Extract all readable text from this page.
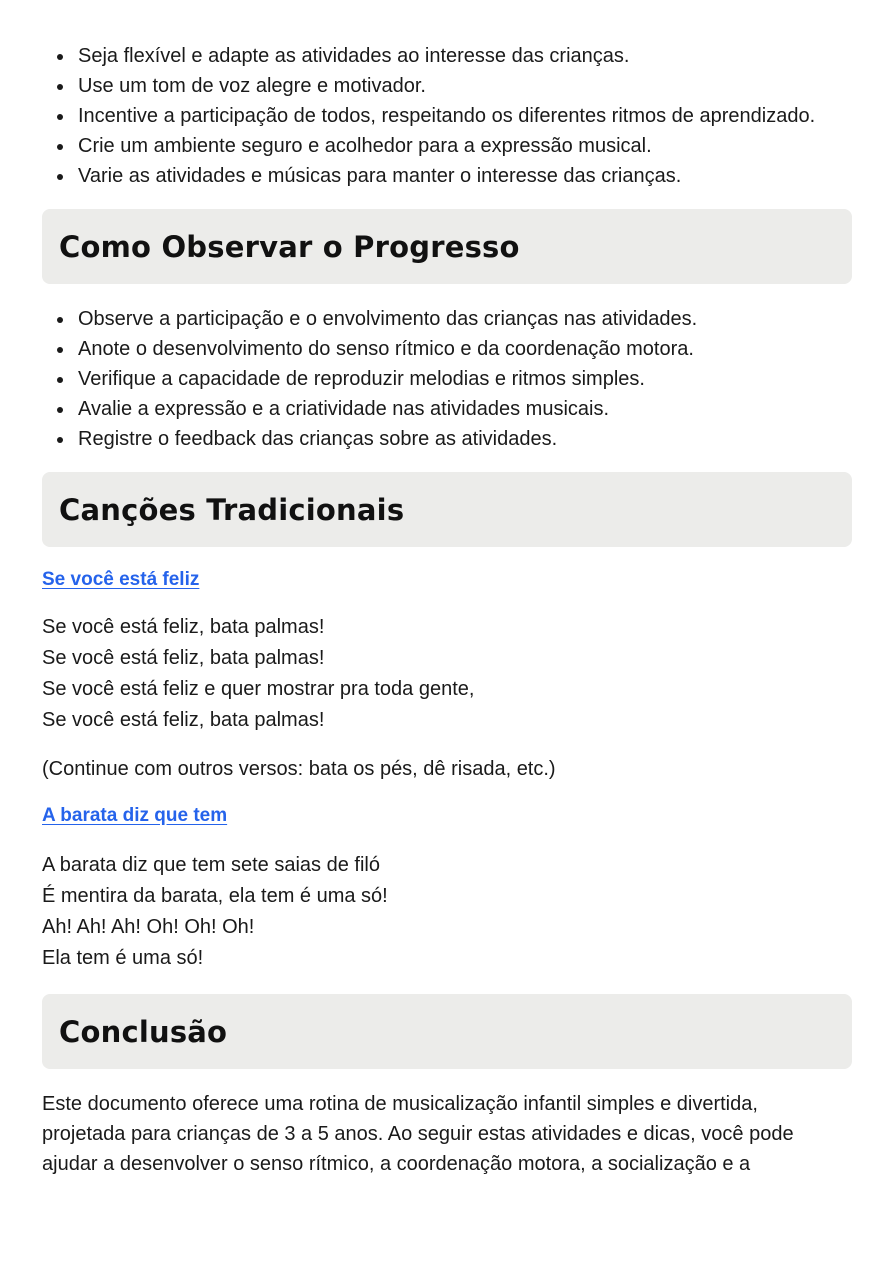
Seja flexível e adapte as atividades ao interesse das crianças.
Use um tom de voz alegre e motivador.
Incentive a participação de todos, respeitando os diferentes ritmos de aprendizado.
Crie um ambiente seguro e acolhedor para a expressão musical.
Varie as atividades e músicas para manter o interesse das crianças.
Como Observar o Progresso
Observe a participação e o envolvimento das crianças nas atividades.
Anote o desenvolvimento do senso rítmico e da coordenação motora.
Verifique a capacidade de reproduzir melodias e ritmos simples.
Avalie a expressão e a criatividade nas atividades musicais.
Registre o feedback das crianças sobre as atividades.
Canções Tradicionais
Se você está feliz
Se você está feliz, bata palmas!
Se você está feliz, bata palmas!
Se você está feliz e quer mostrar pra toda gente,
Se você está feliz, bata palmas!
(Continue com outros versos: bata os pés, dê risada, etc.)
A barata diz que tem
A barata diz que tem sete saias de filó
É mentira da barata, ela tem é uma só!
Ah! Ah! Ah! Oh! Oh! Oh!
Ela tem é uma só!
Conclusão

Este documento oferece uma rotina de musicalização infantil simples e divertida, projetada para crianças de 3 a 5 anos. Ao seguir estas atividades e dicas, você pode ajudar a desenvolver o senso rítmico, a coordenação motora, a socialização e a
